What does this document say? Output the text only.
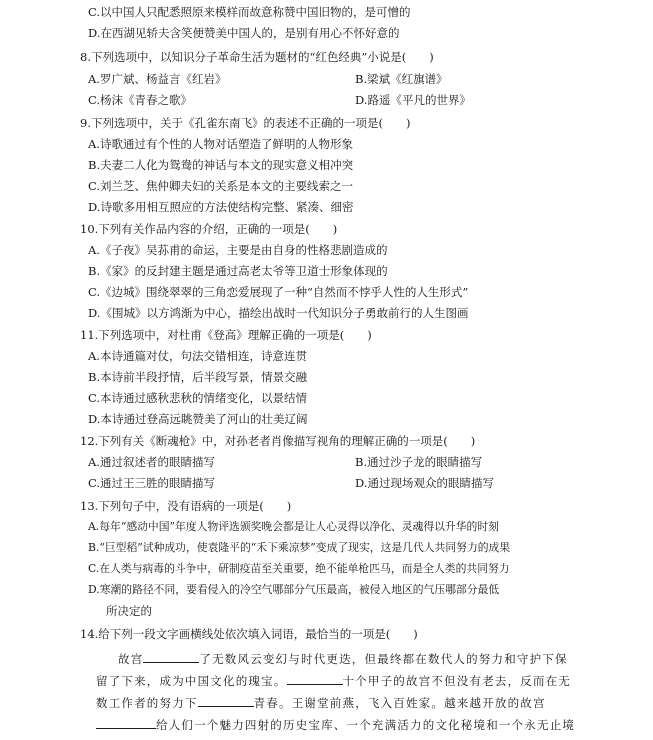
C.以中国人只配悉照原来模样而故意称赞中国旧物的，是可憎的
D.在西湖见轿夫含笑便赞美中国人的，是别有用心不怀好意的
8.下列选项中，以知识分子革命生活为题材的“红色经典”小说是(　　)
A.罗广斌、杨益言《红岩》	B.梁斌《红旗谱》
C.杨沫《青春之歌》	D.路遥《平凡的世界》
9.下列选项中，关于《孔雀东南飞》的表述不正确的一项是(　　)
A.诗歌通过有个性的人物对话塑造了鲜明的人物形象
B.夫妻二人化为鸳鸯的神话与本文的现实意义相冲突
C.刘兰芝、焦仲卿夫妇的关系是本文的主要线索之一
D.诗歌多用相互照应的方法使结构完整、紧凑、细密
10.下列有关作品内容的介绍，正确的一项是(　　)
A.《子夜》吴荪甫的命运，主要是由自身的性格悲剧造成的
B.《家》的反封建主题是通过高老太爷等卫道士形象体现的
C.《边城》围绕翠翠的三角恋爱展现了一种“自然而不悖乎人性的人生形式”
D.《围城》以方鸿渐为中心，描绘出战时一代知识分子勇敢前行的人生图画
11.下列选项中，对杜甫《登高》理解正确的一项是(　　)
A.本诗通篇对仗，句法交错相连，诗意连贯
B.本诗前半段抒情，后半段写景，情景交融
C.本诗通过感秋悲秋的情绪变化，以景结情
D.本诗通过登高远眺赞美了河山的壮美辽阔
12.下列有关《断魂枪》中，对孙老者肖像描写视角的理解正确的一项是(　　)
A.通过叙述者的眼睛描写	B.通过沙子龙的眼睛描写
C.通过王三胜的眼睛描写	D.通过现场观众的眼睛描写
13.下列句子中，没有语病的一项是(　　)
A.每年“感动中国”年度人物评选颁奖晚会都是让人心灵得以净化、灵魂得以升华的时刻
B.“巨型稻”试种成功，使袁隆平的“禾下乘凉梦”变成了现实，这是几代人共同努力的成果
C.在人类与病毒的斗争中，研制疫苗至关重要，绝不能单枪匹马，而是全人类的共同努力
D.寒潮的路径不同，要看侵入的冷空气哪部分气压最高，被侵入地区的气压哪部分最低
所决定的
14.给下列一段文字画横线处依次填入词语，最恰当的一项是(　　)
故宫	了无数风云变幻与时代更迭，但最终都在数代人的努力和守护下保
留了下来，成为中国文化的瑰宝。	十个甲子的故宫不但没有老去，反而在无
数工作者的努力下	青春。王谢堂前燕，飞入百姓家。越来越开放的故宫
给人们一个魅力四射的历史宝库、一个充满活力的文化秘境和一个永无止境
